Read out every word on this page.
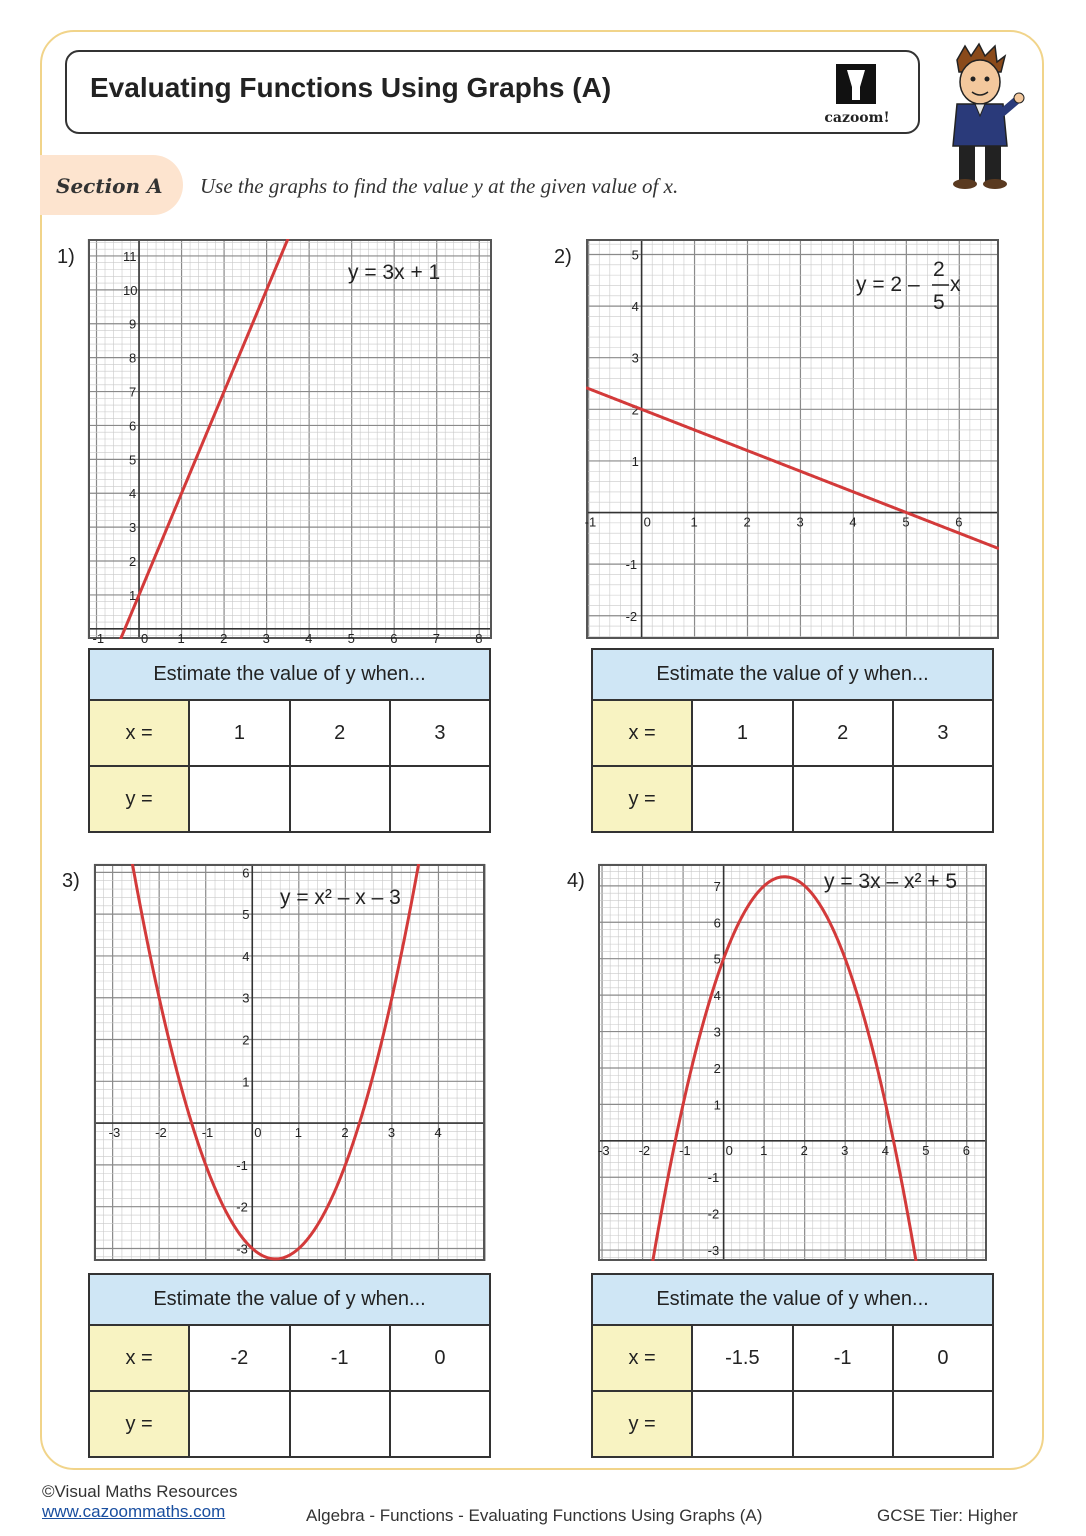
Evaluating Functions Using Graphs (A)
cazoom!
Section A Use the graphs to find the value y at the given value of x.
1)
y = 3x + 1
-1	0 1	2	3	4	5	6	7	8
1
2
3
4
5
6
7
8
9
10
11
Estimate the value of y when...
x =	1	2	3
y =
2)
y = 2 –
2
5
x
-1	0	1	2	3	4	5	6
-2
-1
1
2
3
4
5
Estimate the value of y when...
x =	1	2	3
y =
3)
y = x² – x – 3
-3	-2	-1	0	1	2	3	4
-3
-2
-1
1
2
3
4
5
6
Estimate the value of y when...
x =	-2	-1	0
y =
4)	y = 3x – x² + 5
-3 -2 -1	0 1	2	3	4	5	6
-3
-2
-1
1
2
3
4
5
6
7
Estimate the value of y when...
x =	-1.5	-1	0
y =
©Visual Maths Resources
www.cazoommaths.com	Algebra - Functions - Evaluating Functions Using Graphs (A)	GCSE Tier: Higher
